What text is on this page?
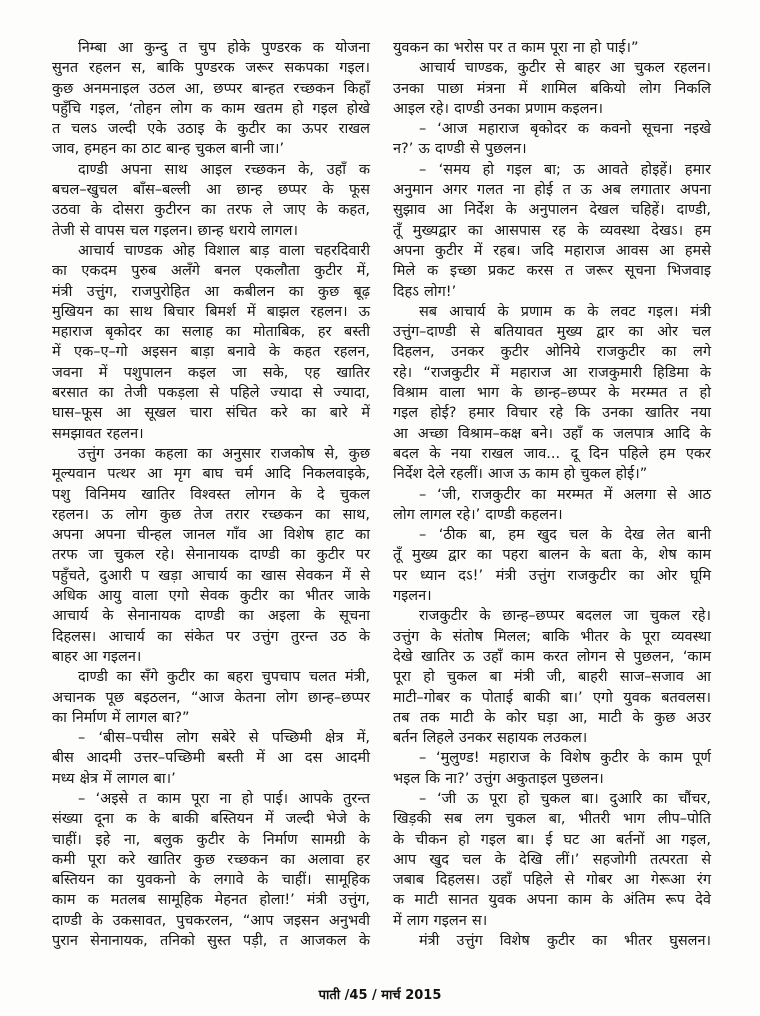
निम्बा आ कुन्दु त चुप होके पुण्डरक क योजना
सुनत रहलन स, बाकि पुण्डरक जरूर सकपका गइल।
कुछ अनमनाइल उठल आ, छप्पर बान्हत रच्छकन किहाँ
पहुँचि गइल, ‘तोहन लोग क काम खतम हो गइल होखे
त चलऽ जल्दी एके उठाइ के कुटीर का ऊपर राखल
जाव, हमहन का ठाट बान्ह चुकल बानी जा।’
दाण्डी अपना साथ आइल रच्छकन के, उहाँ क
बचल–खुचल बाँस–बल्ली आ छान्ह छप्पर के फूस
उठवा के दोसरा कुटीरन का तरफ ले जाए के कहत,
तेजी से वापस चल गइलन। छान्ह धराये लागल।
आचार्य चाण्डक ओह विशाल बाड़ वाला चहरदिवारी
का एकदम पुरुब अलँगे बनल एकलौता कुटीर में,
मंत्री उत्तुंग, राजपुरोहित आ कबीलन का कुछ बूढ़
मुखियन का साथ बिचार बिमर्श में बाझल रहलन। ऊ
महाराज बृकोदर का सलाह का मोताबिक, हर बस्ती
में एक–ए–गो अइसन बाड़ा बनावे के कहत रहलन,
जवना में पशुपालन कइल जा सके, एह खातिर
बरसात का तेजी पकड़ला से पहिले ज्यादा से ज्यादा,
घास–फूस आ सूखल चारा संचित करे का बारे में
समझावत रहलन।
उत्तुंग उनका कहला का अनुसार राजकोष से, कुछ
मूल्यवान पत्थर आ मृग बाघ चर्म आदि निकलवाइके,
पशु विनिमय खातिर विश्वस्त लोगन के दे चुकल
रहलन। ऊ लोग कुछ तेज तरार रच्छकन का साथ,
अपना अपना चीन्हल जानल गाँव आ विशेष हाट का
तरफ जा चुकल रहे। सेनानायक दाण्डी का कुटीर पर
पहुँचते, दुआरी प खड़ा आचार्य का खास सेवकन में से
अधिक आयु वाला एगो सेवक कुटीर का भीतर जाके
आचार्य के सेनानायक दाण्डी का अइला के सूचना
दिहलस। आचार्य का संकेत पर उत्तुंग तुरन्त उठ के
बाहर आ गइलन।
दाण्डी का सँगे कुटीर का बहरा चुपचाप चलत मंत्री,
अचानक पूछ बइठलन, “आज केतना लोग छान्ह–छप्पर
का निर्माण में लागल बा?”
– ‘बीस–पचीस लोग सबेरे से पच्छिमी क्षेत्र में,
बीस आदमी उत्तर–पच्छिमी बस्ती में आ दस आदमी
मध्य क्षेत्र में लागल बा।’
– ‘अइसे त काम पूरा ना हो पाई। आपके तुरन्त
संख्या दूना क के बाकी बस्तियन में जल्दी भेजे के
चाहीं। इहे ना, बलुक कुटीर के निर्माण सामग्री के
कमी पूरा करे खातिर कुछ रच्छकन का अलावा हर
बस्तियन का युवकनो के लगावे के चाहीं। सामूहिक
काम क मतलब सामूहिक मेहनत होला!’ मंत्री उत्तुंग,
दाण्डी के उकसावत, पुचकरलन, “आप जइसन अनुभवी
पुरान सेनानायक, तनिको सुस्त पड़ी, त आजकल के
युवकन का भरोस पर त काम पूरा ना हो पाई।”
आचार्य चाण्डक, कुटीर से बाहर आ चुकल रहलन।
उनका पाछा मंत्रना में शामिल बकियो लोग निकलि
आइल रहे। दाण्डी उनका प्रणाम कइलन।
– ‘आज महाराज बृकोदर क कवनो सूचना नइखे
न?’ ऊ दाण्डी से पुछलन।
– ‘समय हो गइल बा; ऊ आवते होइहें। हमार
अनुमान अगर गलत ना होई त ऊ अब लगातार अपना
सुझाव आ निर्देश के अनुपालन देखल चहिहें। दाण्डी,
तूँ मुख्यद्वार का आसपास रह के व्यवस्था देखऽ। हम
अपना कुटीर में रहब। जदि महाराज आवस आ हमसे
मिले क इच्छा प्रकट करस त जरूर सूचना भिजवाइ
दिहऽ लोग!’
सब आचार्य के प्रणाम क के लवट गइल। मंत्री
उत्तुंग–दाण्डी से बतियावत मुख्य द्वार का ओर चल
दिहलन, उनकर कुटीर ओनिये राजकुटीर का लगे
रहे। “राजकुटीर में महाराज आ राजकुमारी हिडिमा के
विश्राम वाला भाग के छान्ह–छप्पर के मरम्मत त हो
गइल होई? हमार विचार रहे कि उनका खातिर नया
आ अच्छा विश्राम–कक्ष बने। उहाँ क जलपात्र आदि के
बदल के नया राखल जाव... दू दिन पहिले हम एकर
निर्देश देले रहलीं। आज ऊ काम हो चुकल होई।”
– ‘जी, राजकुटीर का मरम्मत में अलगा से आठ
लोग लागल रहे।’ दाण्डी कहलन।
– ‘ठीक बा, हम खुद चल के देख लेत बानी
तूँ मुख्य द्वार का पहरा बालन के बता के, शेष काम
पर ध्यान दऽ!’ मंत्री उत्तुंग राजकुटीर का ओर घूमि
गइलन।
राजकुटीर के छान्ह–छप्पर बदलल जा चुकल रहे।
उत्तुंग के संतोष मिलल; बाकि भीतर के पूरा व्यवस्था
देखे खातिर ऊ उहाँ काम करत लोगन से पुछलन, ‘काम
पूरा हो चुकल बा मंत्री जी, बाहरी साज–सजाव आ
माटी–गोबर क पोताई बाकी बा।’ एगो युवक बतवलस।
तब तक माटी के कोर घड़ा आ, माटी के कुछ अउर
बर्तन लिहले उनकर सहायक लउकल।
– ‘मुलुण्ड! महाराज के विशेष कुटीर के काम पूर्ण
भइल कि ना?’ उत्तुंग अकुताइल पुछलन।
– ‘जी ऊ पूरा हो चुकल बा। दुआरि का चौंचर,
खिड़की सब लग चुकल बा, भीतरी भाग लीप–पोति
के चीकन हो गइल बा। ई घट आ बर्तनों आ गइल,
आप खुद चल के देखि लीं।’ सहजोगी तत्परता से
जबाब दिहलस। उहाँ पहिले से गोबर आ गेरूआ रंग
क माटी सानत युवक अपना काम के अंतिम रूप देवे
में लाग गइलन स।
मंत्री उत्तुंग विशेष कुटीर का भीतर घुसलन।
पाती /45 / मार्च 2015
